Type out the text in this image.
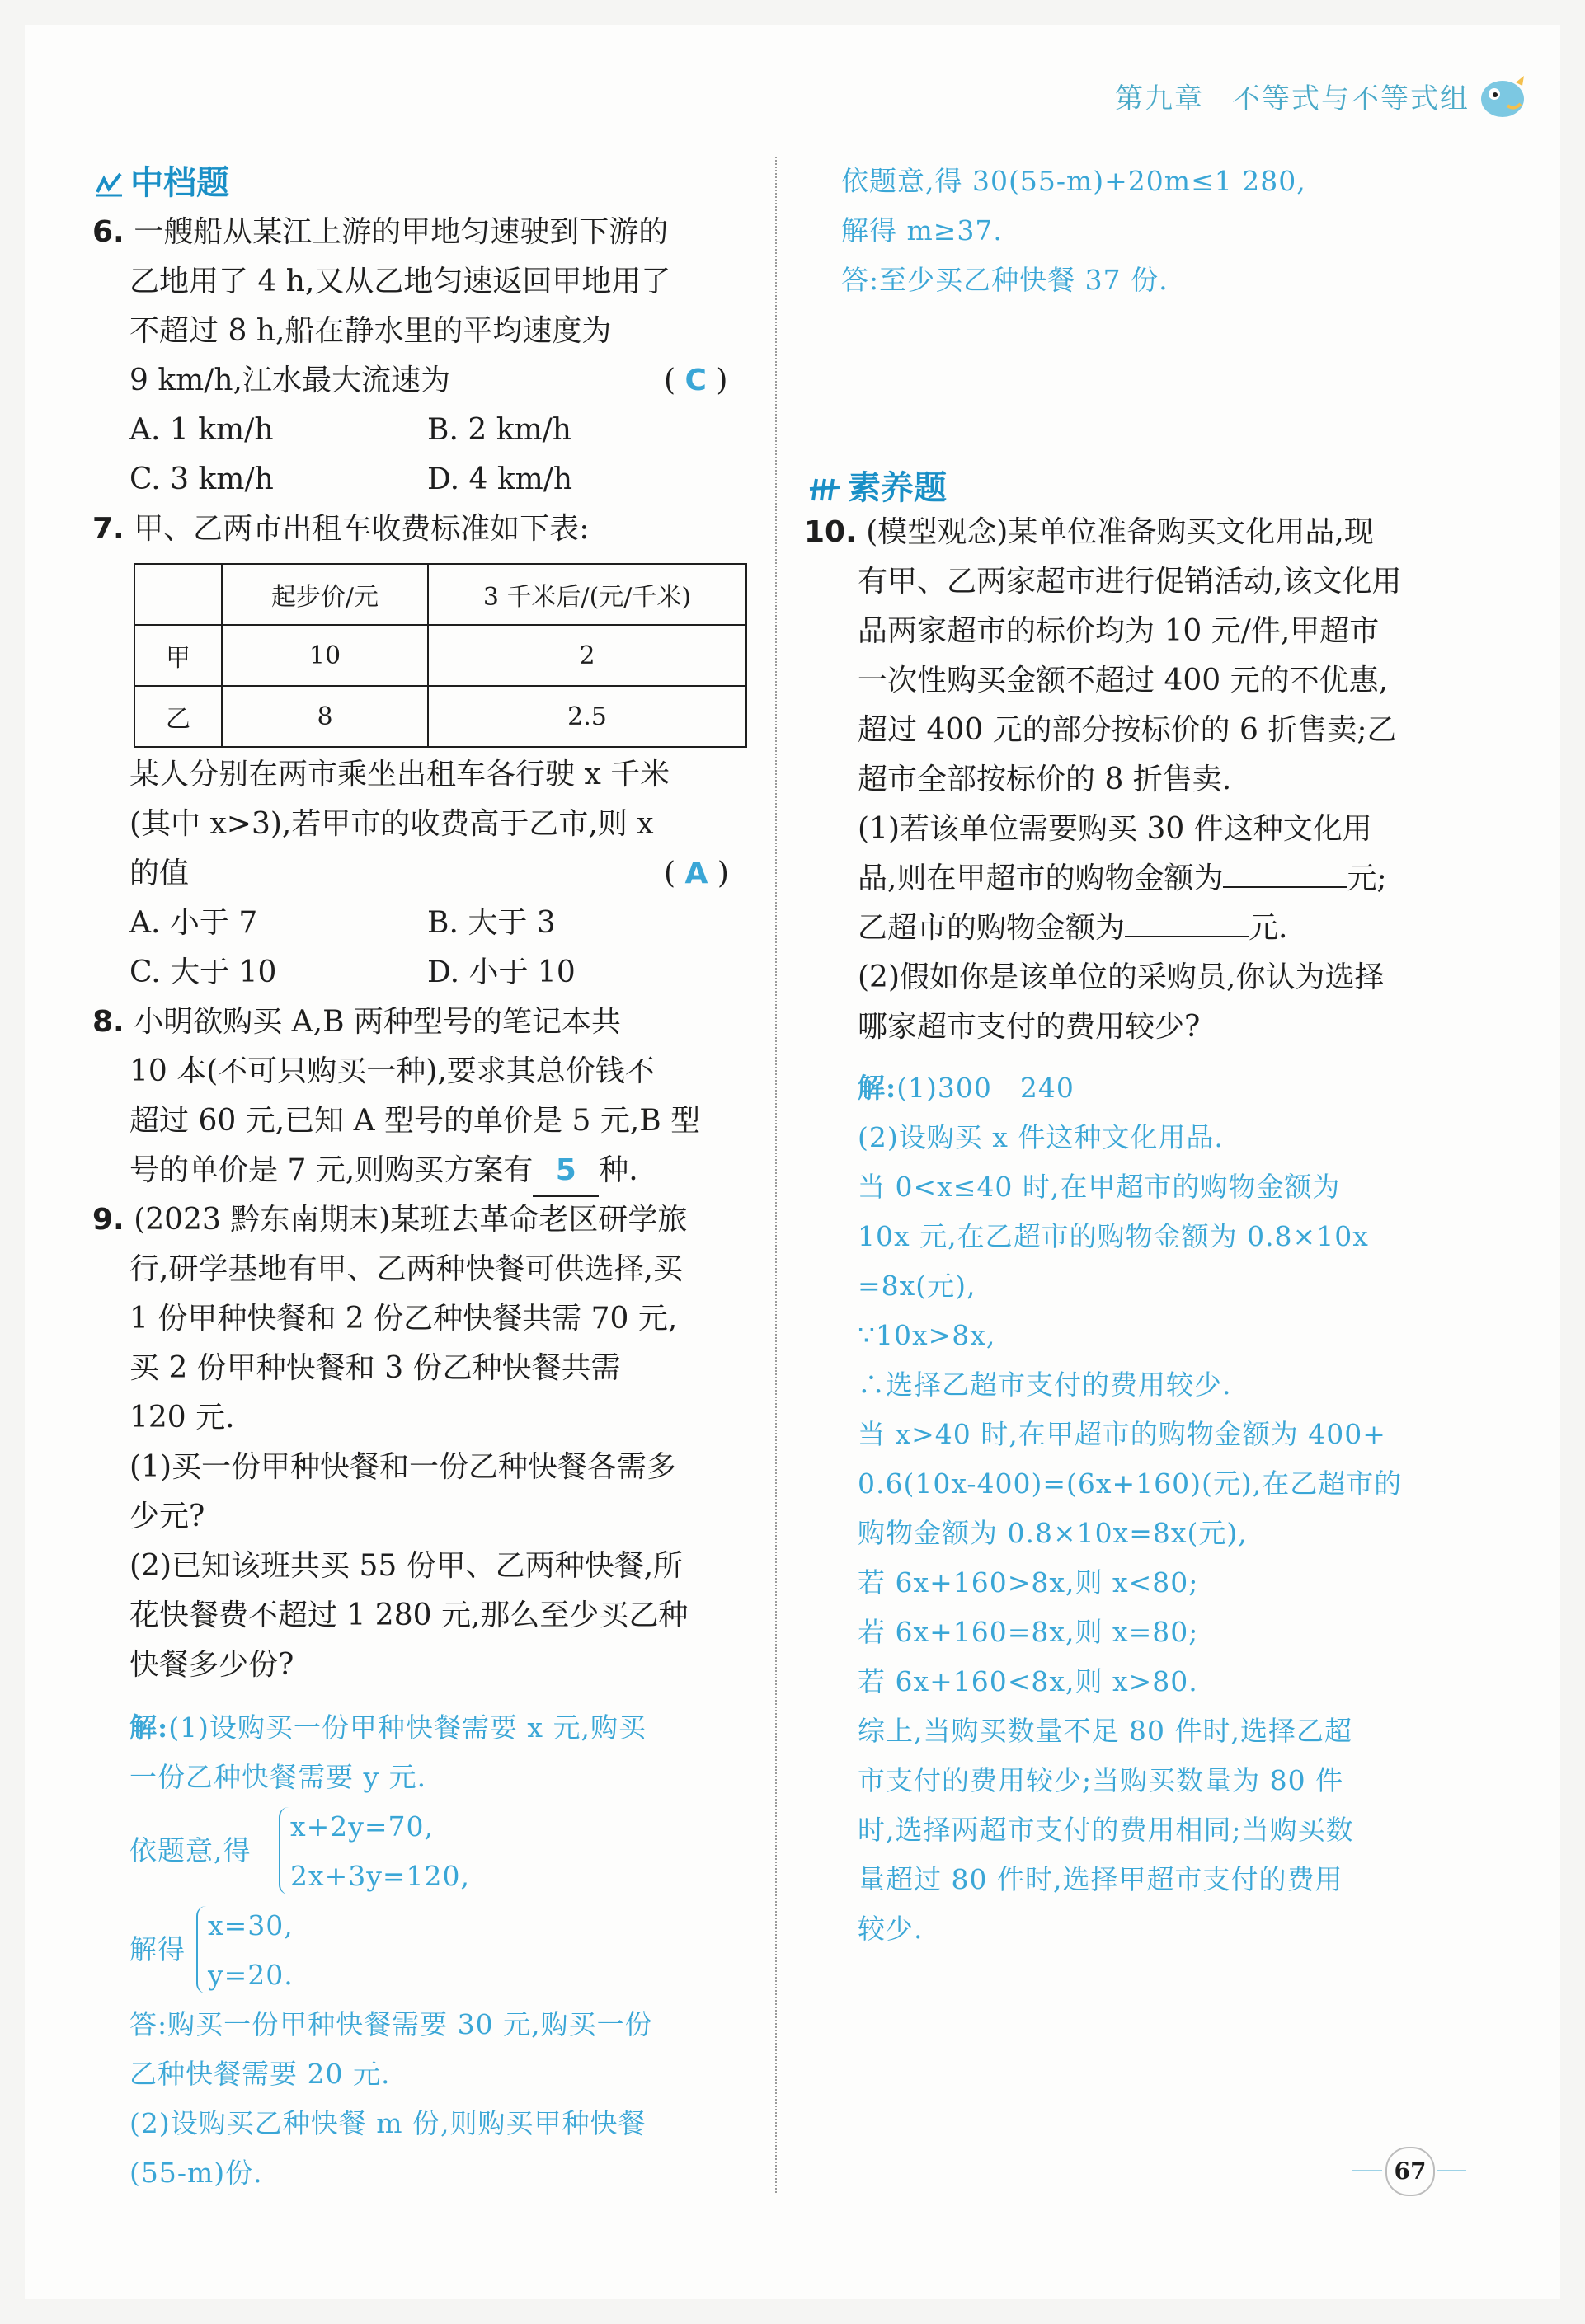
第九章 不等式与不等式组
中档题
6. 一艘船从某江上游的甲地匀速驶到下游的
乙地用了 4 h,又从乙地匀速返回甲地用了
不超过 8 h,船在静水里的平均速度为
9 km/h,江水最大流速为	( C )
A. 1 km/h	B. 2 km/h
C. 3 km/h	D. 4 km/h
7. 甲、乙两市出租车收费标准如下表:
	起步价/元	3 千米后/(元/千米)
甲	10	2
乙	8	2.5
某人分别在两市乘坐出租车各行驶 x 千米
(其中 x>3),若甲市的收费高于乙市,则 x
的值	( A )
A. 小于 7	B. 大于 3
C. 大于 10	D. 小于 10
8. 小明欲购买 A,B 两种型号的笔记本共
10 本(不可只购买一种),要求其总价钱不
超过 60 元,已知 A 型号的单价是 5 元,B 型
号的单价是 7 元,则购买方案有 5 种.
9. (2023 黔东南期末)某班去革命老区研学旅
行,研学基地有甲、乙两种快餐可供选择,买
1 份甲种快餐和 2 份乙种快餐共需 70 元,
买 2 份甲种快餐和 3 份乙种快餐共需
120 元.
(1)买一份甲种快餐和一份乙种快餐各需多
少元?
(2)已知该班共买 55 份甲、乙两种快餐,所
花快餐费不超过 1 280 元,那么至少买乙种
快餐多少份?
解:(1)设购买一份甲种快餐需要 x 元,购买
一份乙种快餐需要 y 元.
依题意,得
x+2y=70,
2x+3y=120,
解得
x=30,
y=20.
答:购买一份甲种快餐需要 30 元,购买一份
乙种快餐需要 20 元.
(2)设购买乙种快餐 m 份,则购买甲种快餐
(55-m)份.
依题意,得 30(55-m)+20m≤1 280,
解得 m≥37.
答:至少买乙种快餐 37 份.
素养题
10. (模型观念)某单位准备购买文化用品,现
有甲、乙两家超市进行促销活动,该文化用
品两家超市的标价均为 10 元/件,甲超市
一次性购买金额不超过 400 元的不优惠,
超过 400 元的部分按标价的 6 折售卖;乙
超市全部按标价的 8 折售卖.
(1)若该单位需要购买 30 件这种文化用
品,则在甲超市的购物金额为	元;
乙超市的购物金额为	元.
(2)假如你是该单位的采购员,你认为选择
哪家超市支付的费用较少?
解:(1)300　240
(2)设购买 x 件这种文化用品.
当 0<x≤40 时,在甲超市的购物金额为
10x 元,在乙超市的购物金额为 0.8×10x
=8x(元),
∵10x>8x,
∴选择乙超市支付的费用较少.
当 x>40 时,在甲超市的购物金额为 400+
0.6(10x-400)=(6x+160)(元),在乙超市的
购物金额为 0.8×10x=8x(元),
若 6x+160>8x,则 x<80;
若 6x+160=8x,则 x=80;
若 6x+160<8x,则 x>80.
综上,当购买数量不足 80 件时,选择乙超
市支付的费用较少;当购买数量为 80 件
时,选择两超市支付的费用相同;当购买数
量超过 80 件时,选择甲超市支付的费用
较少.
67
